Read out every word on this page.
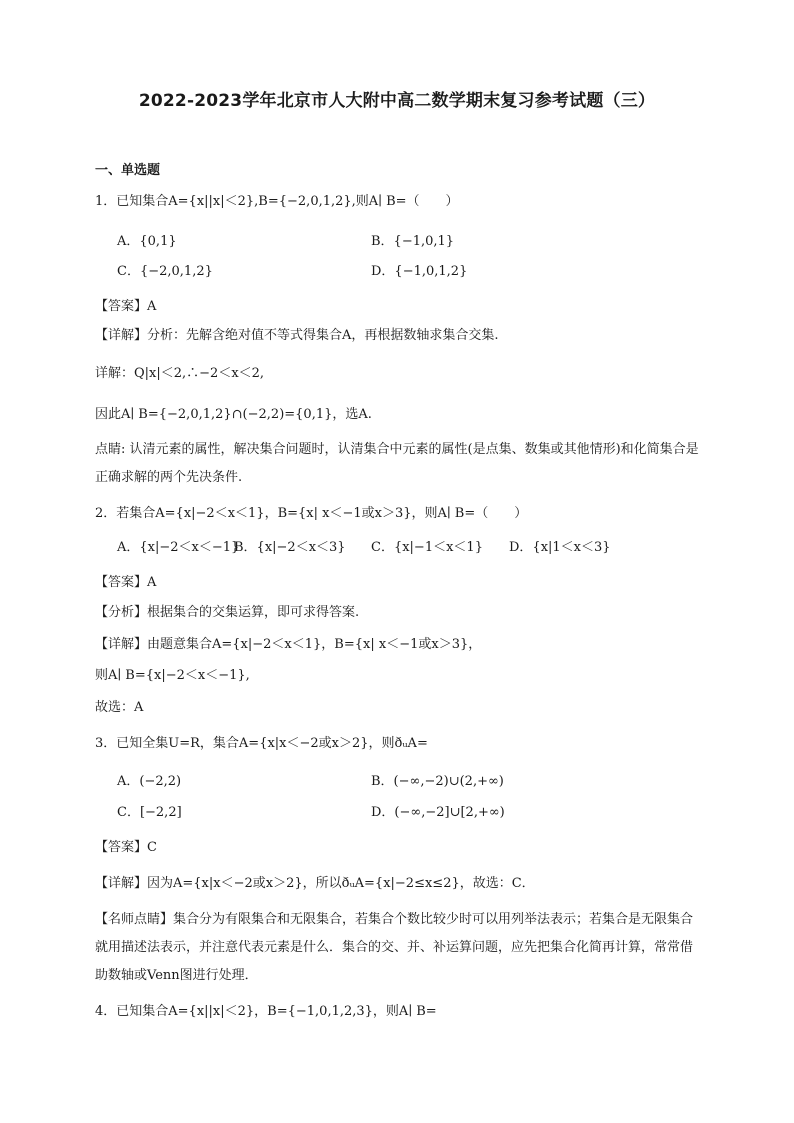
2022-2023学年北京市人大附中高二数学期末复习参考试题（三）
一、单选题
1．已知集合A={x||x|＜2},B={−2,0,1,2},则A∣ B=（　　）
A．{0,1}	B．{−1,0,1}
C．{−2,0,1,2}	D．{−1,0,1,2}
【答案】A
【详解】分析：先解含绝对值不等式得集合A，再根据数轴求集合交集.
详解：Q|x|＜2,∴−2＜x＜2,
因此A∣ B={−2,0,1,2}∩(−2,2)={0,1}，选A.
点睛: 认清元素的属性，解决集合问题时，认清集合中元素的属性(是点集、数集或其他情形)和化简集合是正确求解的两个先决条件.
2．若集合A={x|−2＜x＜1}，B={x| x＜−1或x＞3}，则A∣ B=（　　）
A．{x|−2＜x＜−1}
B．{x|−2＜x＜3} C．{x|−1＜x＜1} D．{x|1＜x＜3}
【答案】A
【分析】根据集合的交集运算，即可求得答案.
【详解】由题意集合A={x|−2＜x＜1}，B={x| x＜−1或x＞3}，
则A∣ B={x|−2＜x＜−1},
故选：A
3．已知全集U=R，集合A={x|x＜−2或x＞2}，则ðᵤA=
A．(−2,2)	B．(−∞,−2)∪(2,+∞)
C．[−2,2]	D．(−∞,−2]∪[2,+∞)
【答案】C
【详解】因为A={x|x＜−2或x＞2}，所以ðᵤA={x|−2≤x≤2}，故选：C．
【名师点睛】集合分为有限集合和无限集合，若集合个数比较少时可以用列举法表示；若集合是无限集合就用描述法表示，并注意代表元素是什么．集合的交、并、补运算问题，应先把集合化简再计算，常常借助数轴或Venn图进行处理．
4．已知集合A={x||x|＜2}，B={−1,0,1,2,3}，则A∣ B=
